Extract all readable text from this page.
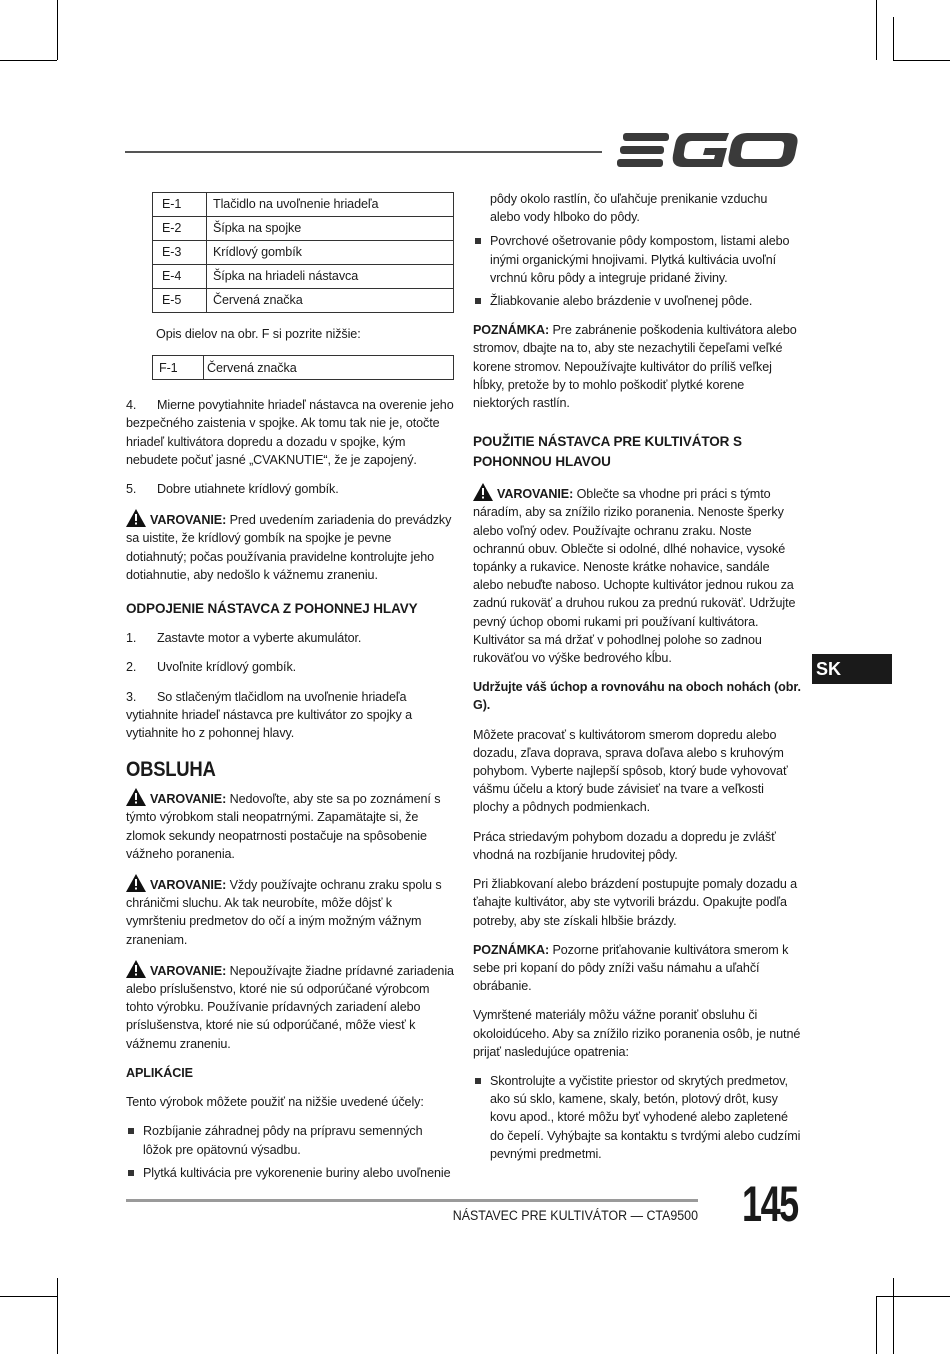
E-1	Tlačidlo na uvoľnenie hriadeľa
E-2	Šípka na spojke
E-3	Krídlový gombík
E-4	Šípka na hriadeli nástavca
E-5	Červená značka
Opis dielov na obr. F si pozrite nižšie:
F-1	Červená značka

4. Mierne povytiahnite hriadeľ nástavca na overenie jeho bezpečného zaistenia v spojke. Ak tomu tak nie je, otočte hriadeľ kultivátora dopredu a dozadu v spojke, kým nebudete počuť jasné „CVAKNUTIE“, že je zapojený.

5. Dobre utiahnete krídlový gombík.

VAROVANIE: Pred uvedením zariadenia do prevádzky sa uistite, že krídlový gombík na spojke je pevne dotiahnutý; počas používania pravidelne kontrolujte jeho dotiahnutie, aby nedošlo k vážnemu zraneniu.

ODPOJENIE NÁSTAVCA Z POHONNEJ HLAVY

1. Zastavte motor a vyberte akumulátor.

2. Uvoľnite krídlový gombík.

3. So stlačeným tlačidlom na uvoľnenie hriadeľa vytiahnite hriadeľ nástavca pre kultivátor zo spojky a vytiahnite ho z pohonnej hlavy.

OBSLUHA

VAROVANIE: Nedovoľte, aby ste sa po zoznámení s týmto výrobkom stali neopatrnými. Zapamätajte si, že zlomok sekundy neopatrnosti postačuje na spôsobenie vážneho poranenia.

VAROVANIE: Vždy používajte ochranu zraku spolu s chráničmi sluchu. Ak tak neurobíte, môže dôjsť k vymršteniu predmetov do očí a iným možným vážnym zraneniam.

VAROVANIE: Nepoužívajte žiadne prídavné zariadenia alebo príslušenstvo, ktoré nie sú odporúčané výrobcom tohto výrobku. Používanie prídavných zariadení alebo príslušenstva, ktoré nie sú odporúčané, môže viesť k vážnemu zraneniu.

APLIKÁCIE

Tento výrobok môžete použiť na nižšie uvedené účely:

Rozbíjanie záhradnej pôdy na prípravu semenných lôžok pre opätovnú výsadbu.
Plytká kultivácia pre vykorenenie buriny alebo uvoľnenie

pôdy okolo rastlín, čo uľahčuje prenikanie vzduchu alebo vody hlboko do pôdy.

Povrchové ošetrovanie pôdy kompostom, listami alebo inými organickými hnojivami. Plytká kultivácia uvoľní vrchnú kôru pôdy a integruje pridané živiny.
Žliabkovanie alebo brázdenie v uvoľnenej pôde.

POZNÁMKA: Pre zabránenie poškodenia kultivátora alebo stromov, dbajte na to, aby ste nezachytili čepeľami veľké korene stromov. Nepoužívajte kultivátor do príliš veľkej hĺbky, pretože by to mohlo poškodiť plytké korene niektorých rastlín.

POUŽITIE NÁSTAVCA PRE KULTIVÁTOR S POHONNOU HLAVOU

VAROVANIE: Oblečte sa vhodne pri práci s týmto náradím, aby sa znížilo riziko poranenia. Nenoste šperky alebo voľný odev. Používajte ochranu zraku. Noste ochrannú obuv. Oblečte si odolné, dlhé nohavice, vysoké topánky a rukavice. Nenoste krátke nohavice, sandále alebo nebuďte naboso. Uchopte kultivátor jednou rukou za zadnú rukoväť a druhou rukou za prednú rukoväť. Udržujte pevný úchop obomi rukami pri používaní kultivátora. Kultivátor sa má držať v pohodlnej polohe so zadnou rukoväťou vo výške bedrového kĺbu.

Udržujte váš úchop a rovnováhu na oboch nohách (obr. G).

Môžete pracovať s kultivátorom smerom dopredu alebo dozadu, zľava doprava, sprava doľava alebo s kruhovým pohybom. Vyberte najlepší spôsob, ktorý bude vyhovovať vášmu účelu a ktorý bude závisieť na tvare a veľkosti plochy a pôdnych podmienkach.

Práca striedavým pohybom dozadu a dopredu je zvlášť vhodná na rozbíjanie hrudovitej pôdy.

Pri žliabkovaní alebo brázdení postupujte pomaly dozadu a ťahajte kultivátor, aby ste vytvorili brázdu. Opakujte podľa potreby, aby ste získali hlbšie brázdy.

POZNÁMKA: Pozorne priťahovanie kultivátora smerom k sebe pri kopaní do pôdy zníži vašu námahu a uľahčí obrábanie.

Vymrštené materiály môžu vážne poraniť obsluhu či okoloidúceho. Aby sa znížilo riziko poranenia osôb, je nutné prijať nasledujúce opatrenia:

Skontrolujte a vyčistite priestor od skrytých predmetov, ako sú sklo, kamene, skaly, betón, plotový drôt, kusy kovu apod., ktoré môžu byť vyhodené alebo zapletené do čepelí. Vyhýbajte sa kontaktu s tvrdými alebo cudzími pevnými predmetmi.
SK
NÁSTAVEC PRE KULTIVÁTOR — CTA9500 145
